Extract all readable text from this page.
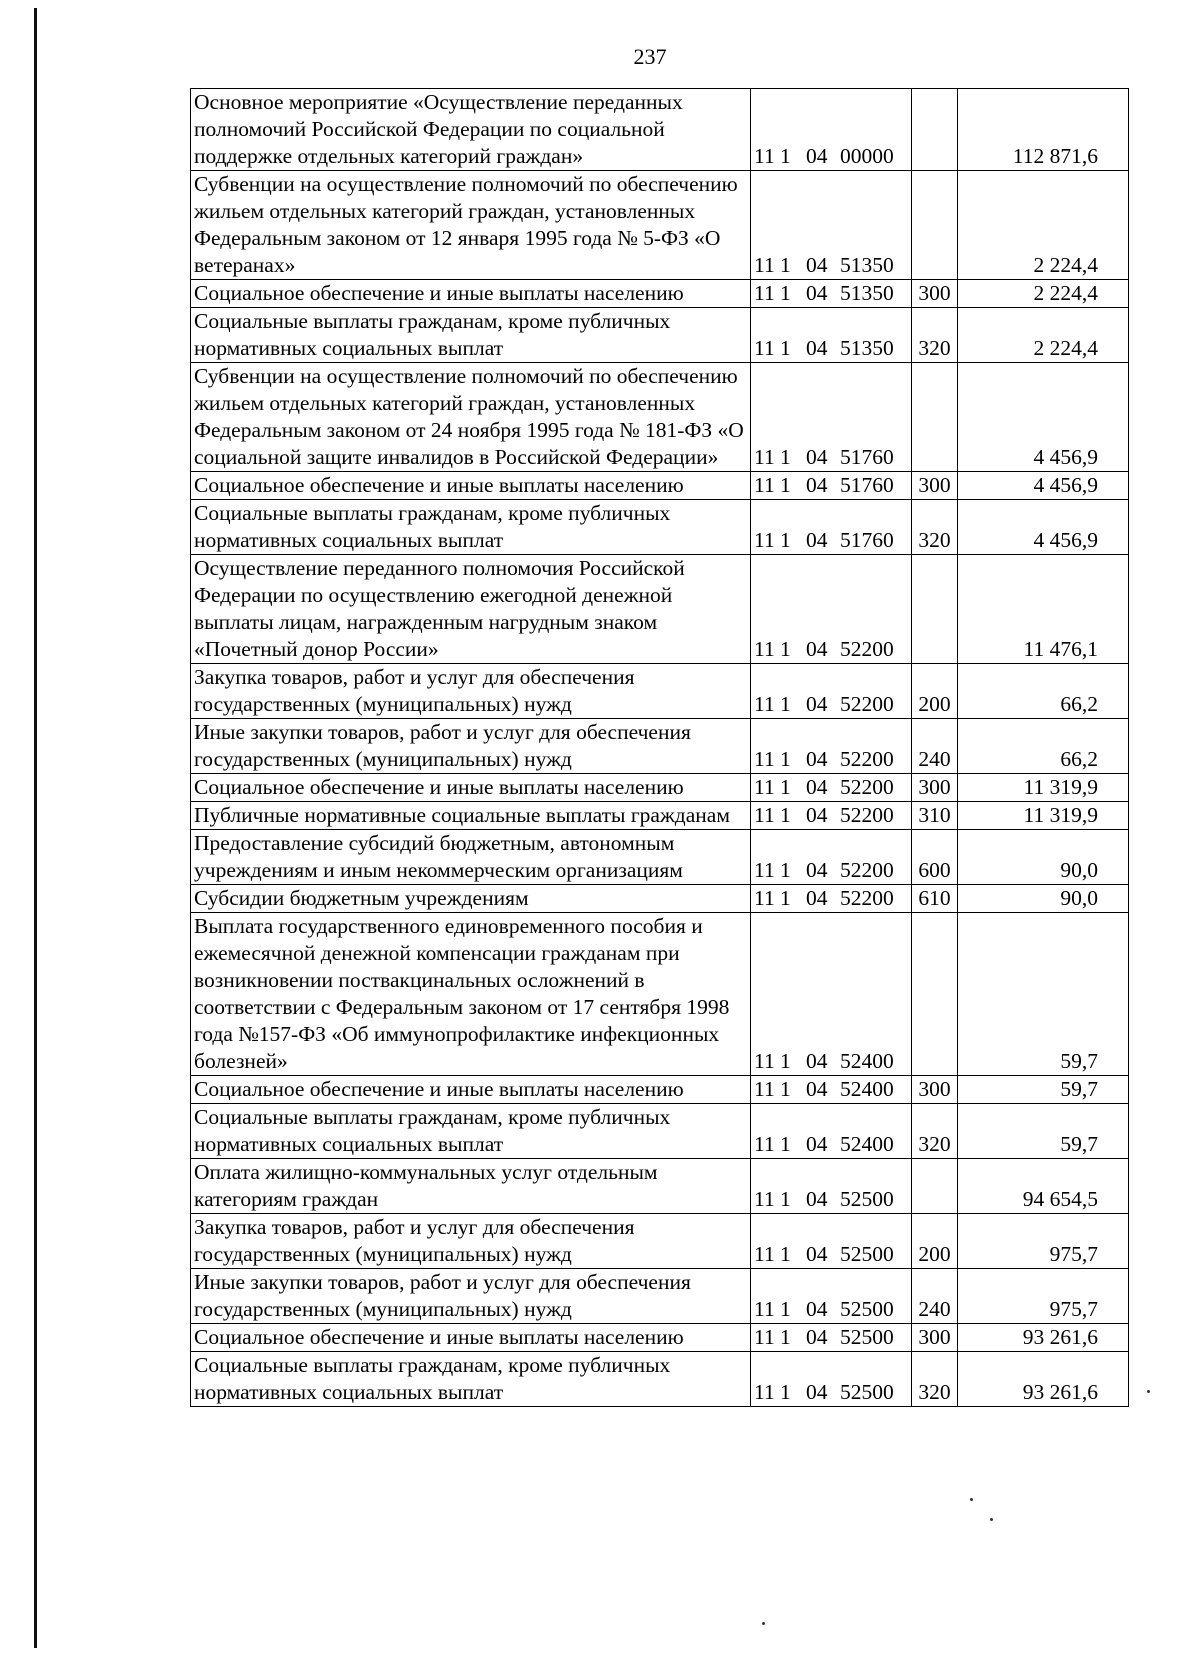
237
Основное мероприятие «Осуществление переданных полномочий Российской Федерации по социальной поддержке отдельных категорий граждан»	11 1 04 00000		112 871,6
Субвенции на осуществление полномочий по обеспечению жильем отдельных категорий граждан, установленных Федеральным законом от 12 января 1995 года № 5-ФЗ «О ветеранах»	11 1 04 51350		2 224,4
Социальное обеспечение и иные выплаты населению	11 1 04 51350	300	2 224,4
Социальные выплаты гражданам, кроме публичных нормативных социальных выплат	11 1 04 51350	320	2 224,4
Субвенции на осуществление полномочий по обеспечению жильем отдельных категорий граждан, установленных Федеральным законом от 24 ноября 1995 года № 181-ФЗ «О социальной защите инвалидов в Российской Федерации»	11 1 04 51760		4 456,9
Социальное обеспечение и иные выплаты населению	11 1 04 51760	300	4 456,9
Социальные выплаты гражданам, кроме публичных нормативных социальных выплат	11 1 04 51760	320	4 456,9
Осуществление переданного полномочия Российской Федерации по осуществлению ежегодной денежной выплаты лицам, награжденным нагрудным знаком «Почетный донор России»	11 1 04 52200		11 476,1
Закупка товаров, работ и услуг для обеспечения государственных (муниципальных) нужд	11 1 04 52200	200	66,2
Иные закупки товаров, работ и услуг для обеспечения государственных (муниципальных) нужд	11 1 04 52200	240	66,2
Социальное обеспечение и иные выплаты населению	11 1 04 52200	300	11 319,9
Публичные нормативные социальные выплаты гражданам	11 1 04 52200	310	11 319,9
Предоставление субсидий бюджетным, автономным учреждениям и иным некоммерческим организациям	11 1 04 52200	600	90,0
Субсидии бюджетным учреждениям	11 1 04 52200	610	90,0
Выплата государственного единовременного пособия и ежемесячной денежной компенсации гражданам при возникновении поствакцинальных осложнений в соответствии с Федеральным законом от 17 сентября 1998 года №157-ФЗ «Об иммунопрофилактике инфекционных болезней»	11 1 04 52400		59,7
Социальное обеспечение и иные выплаты населению	11 1 04 52400	300	59,7
Социальные выплаты гражданам, кроме публичных нормативных социальных выплат	11 1 04 52400	320	59,7
Оплата жилищно-коммунальных услуг отдельным категориям граждан	11 1 04 52500		94 654,5
Закупка товаров, работ и услуг для обеспечения государственных (муниципальных) нужд	11 1 04 52500	200	975,7
Иные закупки товаров, работ и услуг для обеспечения государственных (муниципальных) нужд	11 1 04 52500	240	975,7
Социальное обеспечение и иные выплаты населению	11 1 04 52500	300	93 261,6
Социальные выплаты гражданам, кроме публичных нормативных социальных выплат	11 1 04 52500	320	93 261,6
